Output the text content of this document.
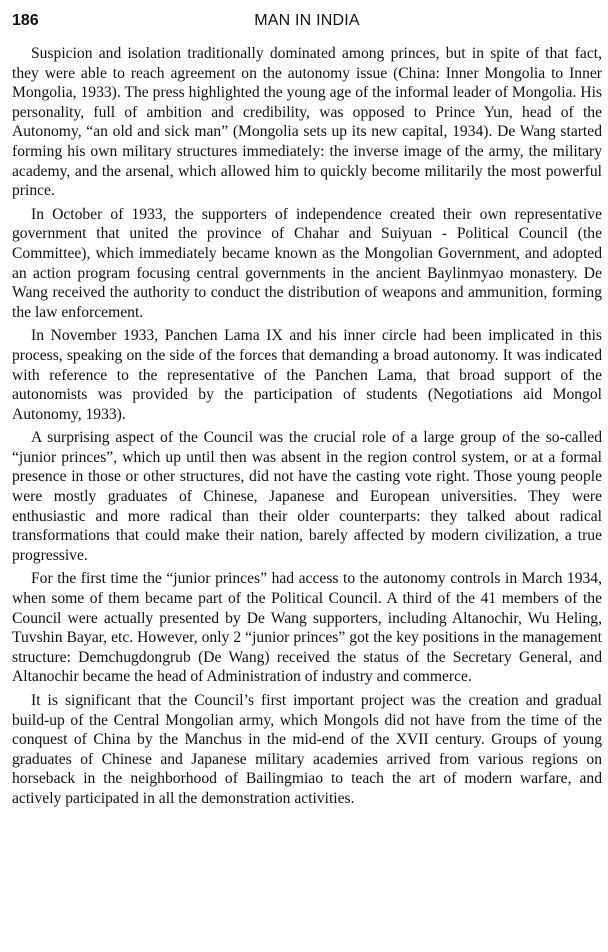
186	MAN IN INDIA

Suspicion and isolation traditionally dominated among princes, but in spite of that fact, they were able to reach agreement on the autonomy issue (China: Inner Mongolia to Inner Mongolia, 1933). The press highlighted the young age of the informal leader of Mongolia. His personality, full of ambition and credibility, was opposed to Prince Yun, head of the Autonomy, “an old and sick man” (Mongolia sets up its new capital, 1934). De Wang started forming his own military structures immediately: the inverse image of the army, the military academy, and the arsenal, which allowed him to quickly become militarily the most powerful prince.

In October of 1933, the supporters of independence created their own representative government that united the province of Chahar and Suiyuan - Political Council (the Committee), which immediately became known as the Mongolian Government, and adopted an action program focusing central governments in the ancient Baylinmyao monastery. De Wang received the authority to conduct the distribution of weapons and ammunition, forming the law enforcement.

In November 1933, Panchen Lama IX and his inner circle had been implicated in this process, speaking on the side of the forces that demanding a broad autonomy. It was indicated with reference to the representative of the Panchen Lama, that broad support of the autonomists was provided by the participation of students (Negotiations aid Mongol Autonomy, 1933).

A surprising aspect of the Council was the crucial role of a large group of the so-called “junior princes”, which up until then was absent in the region control system, or at a formal presence in those or other structures, did not have the casting vote right. Those young people were mostly graduates of Chinese, Japanese and European universities. They were enthusiastic and more radical than their older counterparts: they talked about radical transformations that could make their nation, barely affected by modern civilization, a true progressive.

For the first time the “junior princes” had access to the autonomy controls in March 1934, when some of them became part of the Political Council. A third of the 41 members of the Council were actually presented by De Wang supporters, including Altanochir, Wu Heling, Tuvshin Bayar, etc. However, only 2 “junior princes” got the key positions in the management structure: Demchugdongrub (De Wang) received the status of the Secretary General, and Altanochir became the head of Administration of industry and commerce.

It is significant that the Council’s first important project was the creation and gradual build-up of the Central Mongolian army, which Mongols did not have from the time of the conquest of China by the Manchus in the mid-end of the XVII century. Groups of young graduates of Chinese and Japanese military academies arrived from various regions on horseback in the neighborhood of Bailingmiao to teach the art of modern warfare, and actively participated in all the demonstration activities.
